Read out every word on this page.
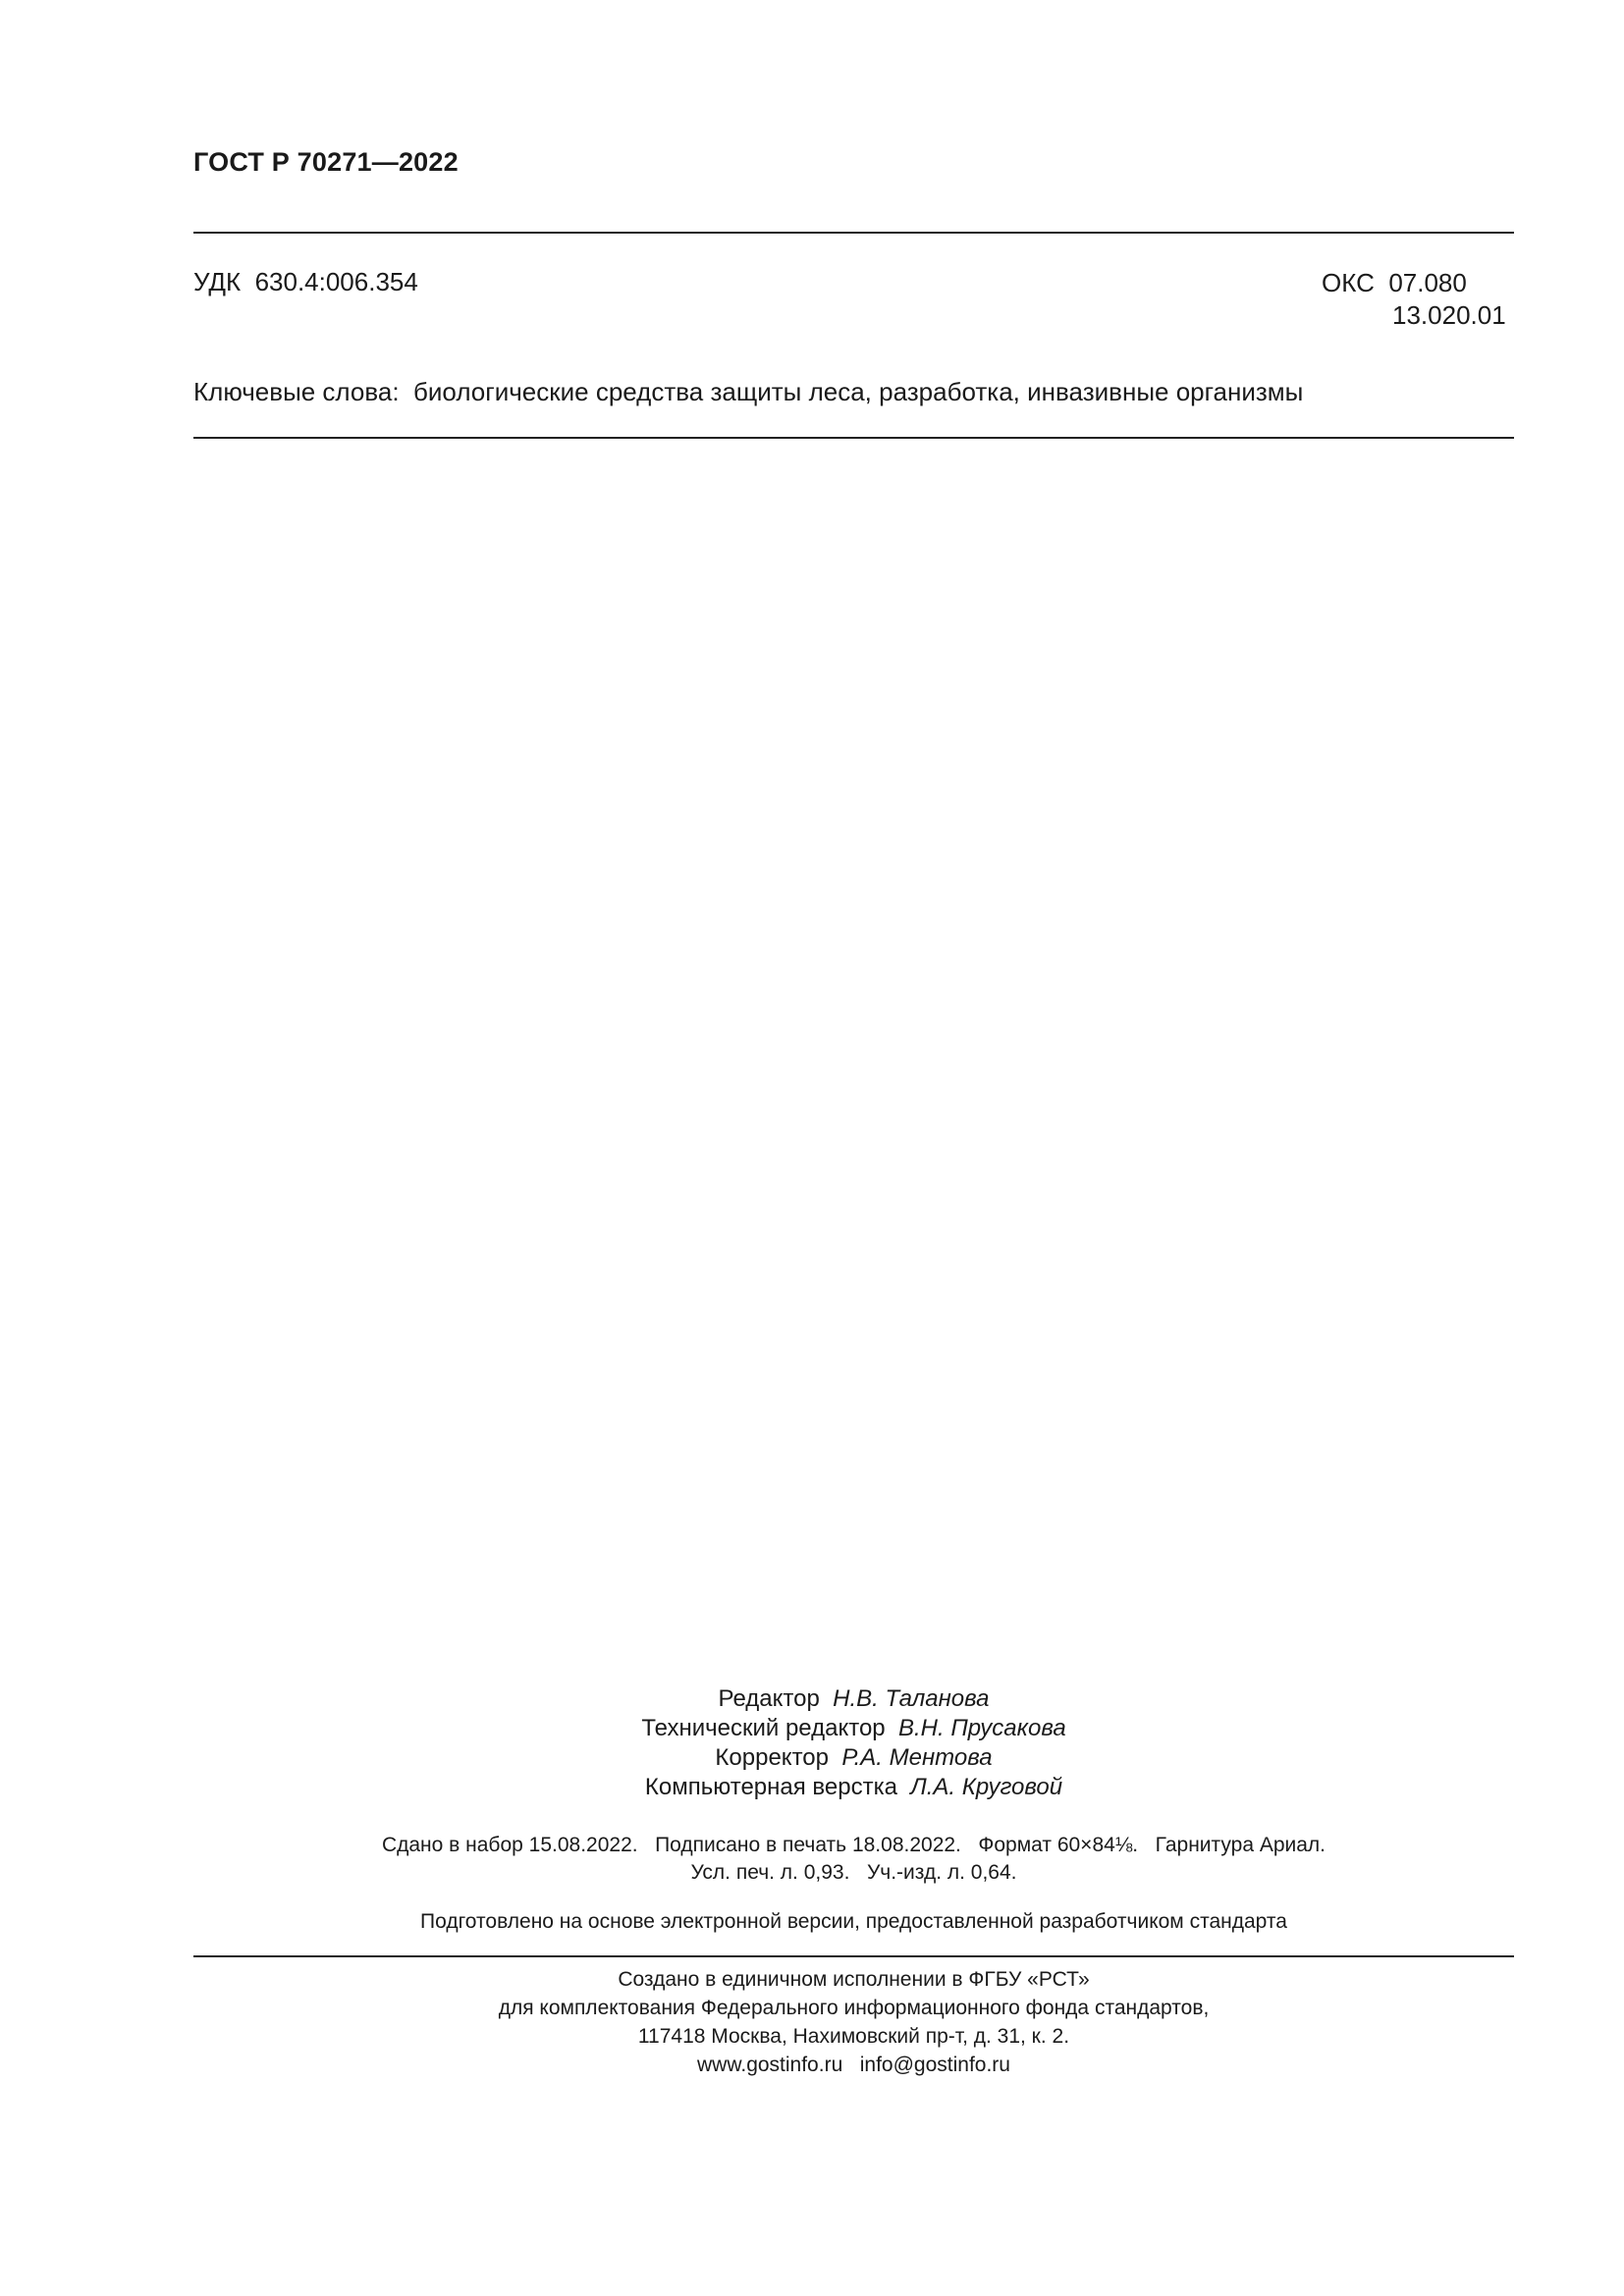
ГОСТ Р 70271—2022
УДК 630.4:006.354	ОКС 07.080
13.020.01
Ключевые слова: биологические средства защиты леса, разработка, инвазивные организмы
Редактор Н.В. Таланова
Технический редактор В.Н. Прусакова
Корректор Р.А. Ментова
Компьютерная верстка Л.А. Круговой
Сдано в набор 15.08.2022.   Подписано в печать 18.08.2022.   Формат 60×84⅛.   Гарнитура Ариал.
Усл. печ. л. 0,93.   Уч.-изд. л. 0,64.
Подготовлено на основе электронной версии, предоставленной разработчиком стандарта
Создано в единичном исполнении в ФГБУ «РСТ»
для комплектования Федерального информационного фонда стандартов,
117418 Москва, Нахимовский пр-т, д. 31, к. 2.
www.gostinfo.ru   info@gostinfo.ru
